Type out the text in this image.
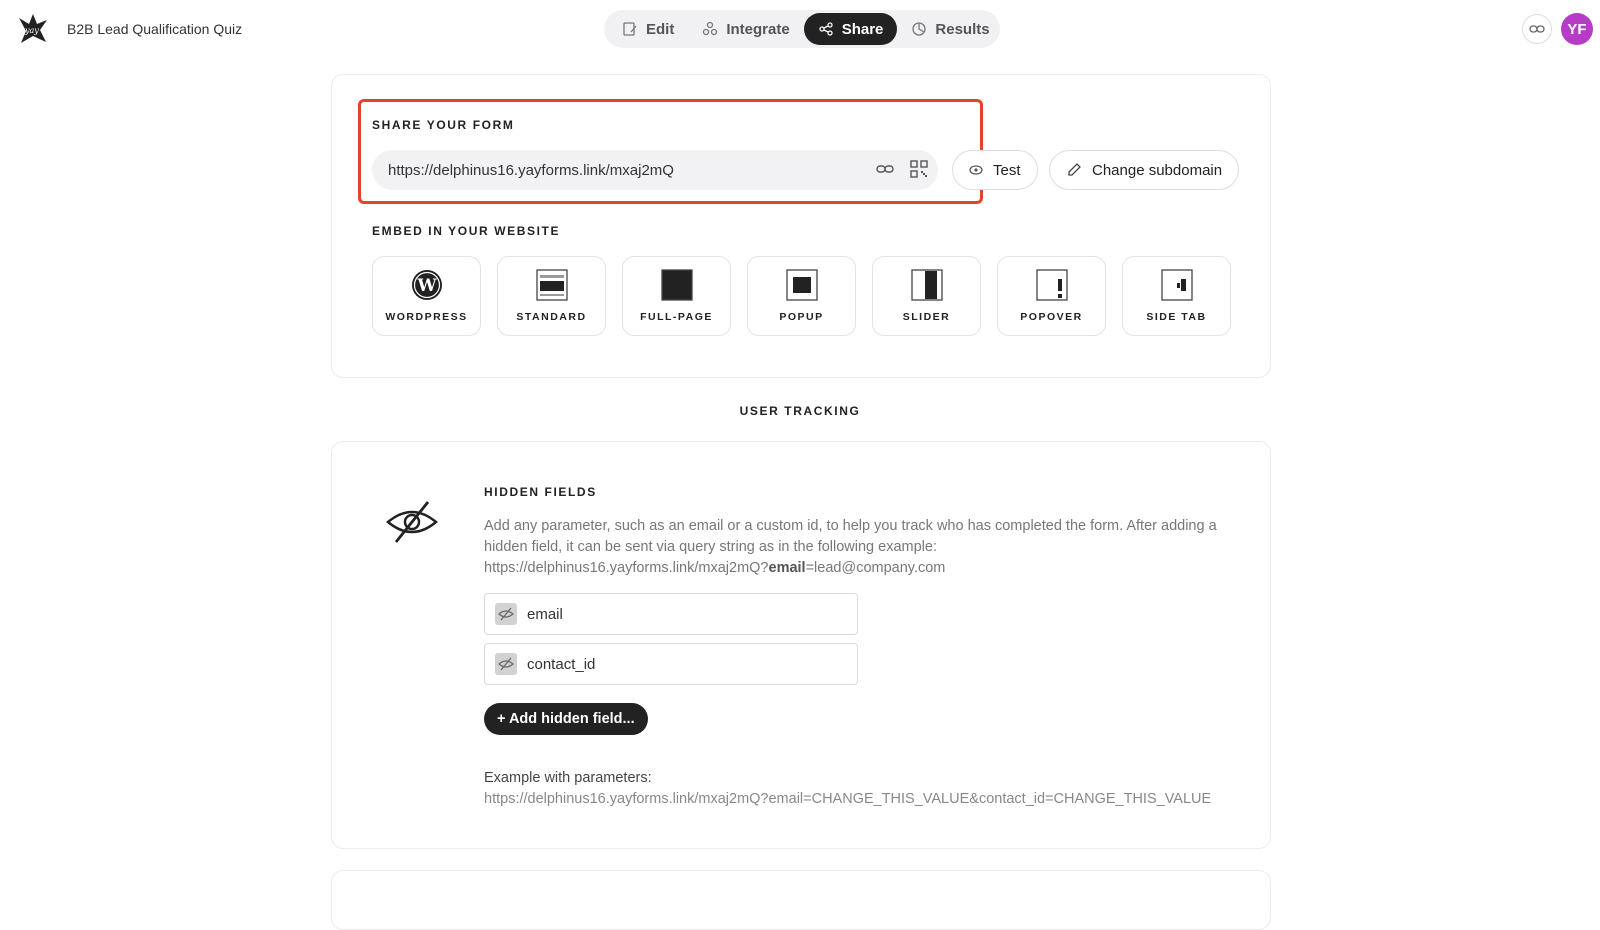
yay B2B Lead Qualification Quiz	Edit	Integrate	Share	Results	YF
SHARE YOUR FORM
https://delphinus16.yayforms.link/mxaj2mQ	Test	Change subdomain
EMBED IN YOUR WEBSITE
W
WORDPRESS	STANDARD	FULL-PAGE	POPUP	SLIDER	POPOVER	SIDE TAB
USER TRACKING
HIDDEN FIELDS
Add any parameter, such as an email or a custom id, to help you track who has completed the form. After adding a hidden field, it can be sent via query string as in the following example:
https://delphinus16.yayforms.link/mxaj2mQ?email=lead@company.com
email
contact_id
+ Add hidden field...
Example with parameters:
https://delphinus16.yayforms.link/mxaj2mQ?email=CHANGE_THIS_VALUE&contact_id=CHANGE_THIS_VALUE
